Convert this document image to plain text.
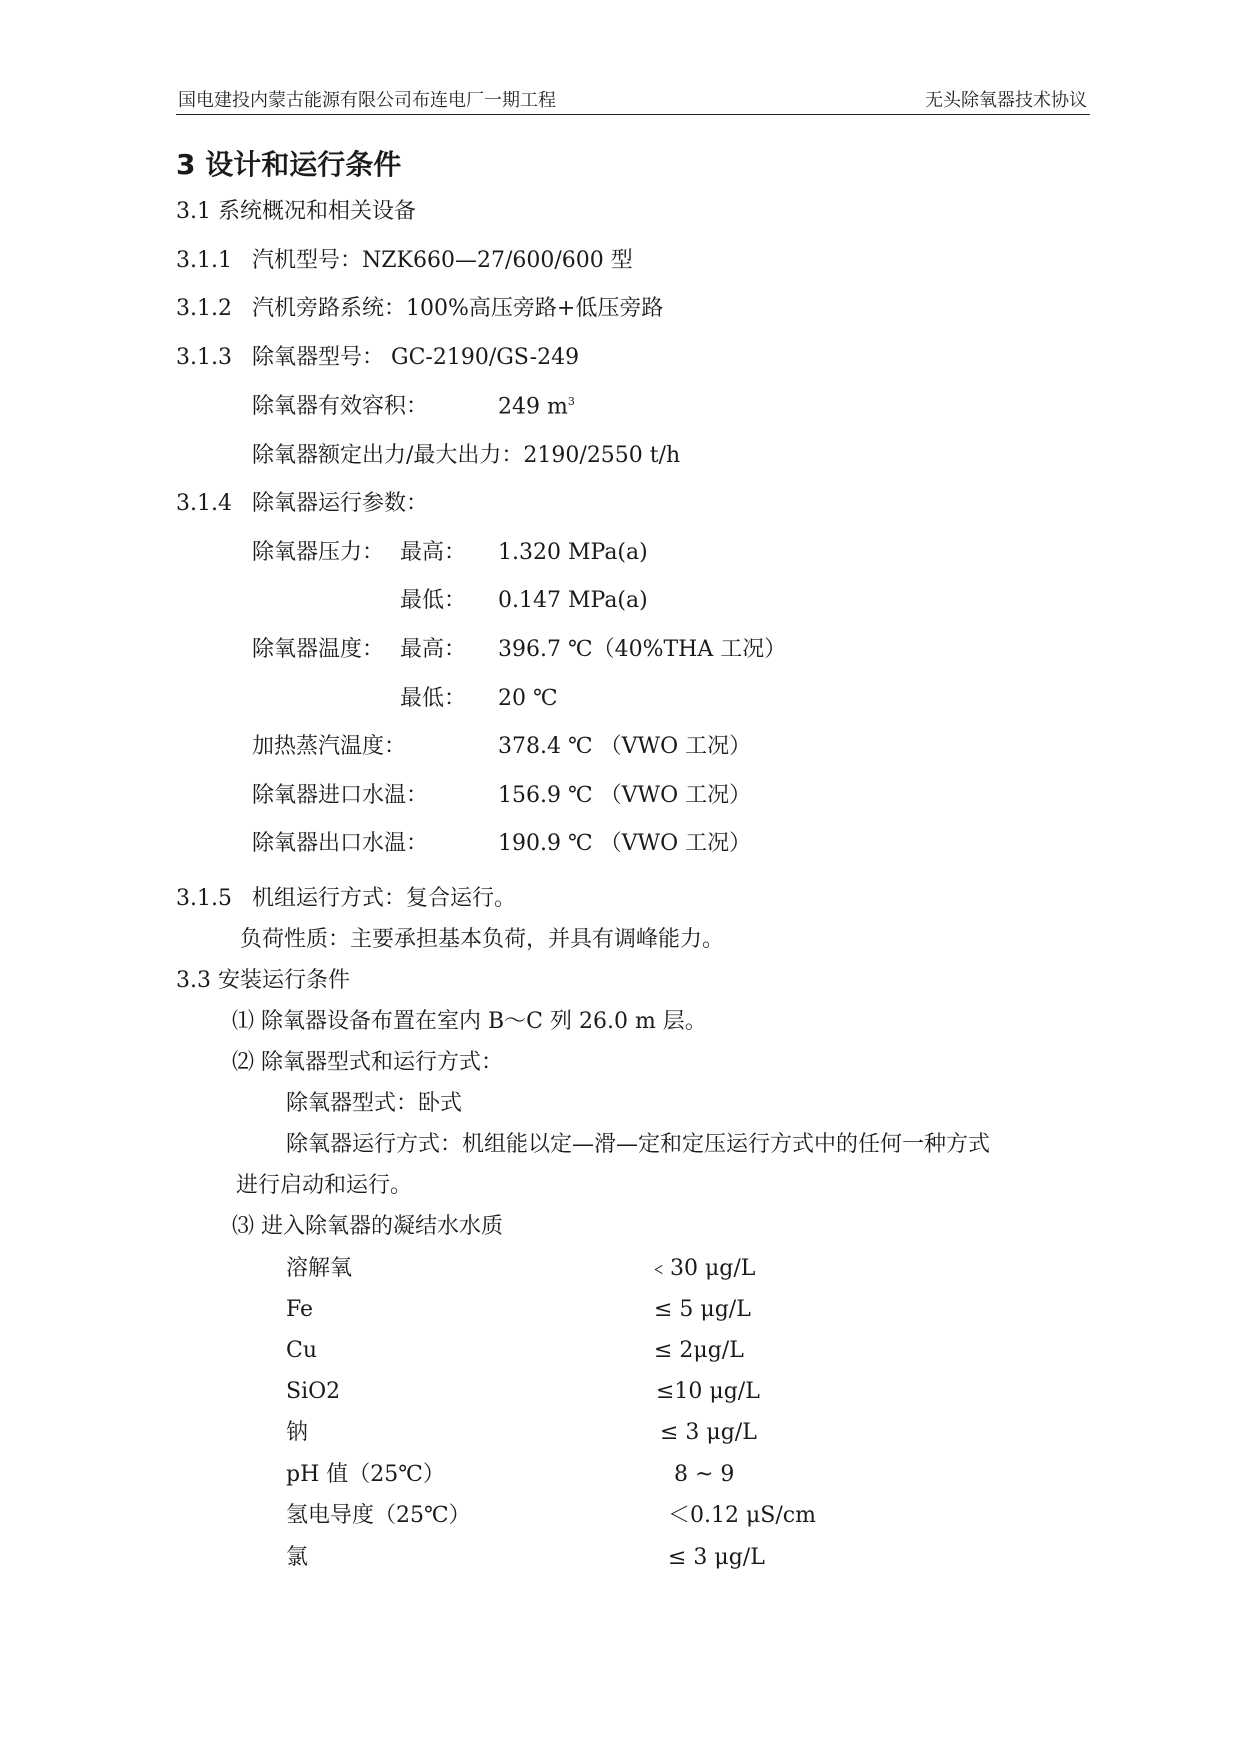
国电建投内蒙古能源有限公司布连电厂一期工程	无头除氧器技术协议
3 设计和运行条件
3.1 系统概况和相关设备
3.1.1 汽机型号：NZK660—27/600/600 型
3.1.2 汽机旁路系统：100%高压旁路+低压旁路
3.1.3 除氧器型号： GC-2190/GS-249
除氧器有效容积：	249 $m^3$
除氧器额定出力/最大出力：2190/2550 t/h
3.1.4 除氧器运行参数：
除氧器压力： 最高： 1.320 MPa(a)
最低： 0.147 MPa(a)
除氧器温度： 最高： 396.7 ℃（40%THA 工况）
最低： 20 ℃
加热蒸汽温度：	378.4 ℃ （VWO 工况）
除氧器进口水温：	156.9 ℃ （VWO 工况）
除氧器出口水温：	190.9 ℃ （VWO 工况）
3.1.5 机组运行方式：复合运行。
负荷性质：主要承担基本负荷，并具有调峰能力。
3.3 安装运行条件
⑴ 除氧器设备布置在室内 B～C 列 26.0 m 层。
⑵ 除氧器型式和运行方式：
除氧器型式：卧式
除氧器运行方式：机组能以定—滑—定和定压运行方式中的任何一种方式
进行启动和运行。
⑶ 进入除氧器的凝结水水质
溶解氧	﹤30 μg/L
Fe	≤ 5 μg/L
Cu	≤ 2μg/L
SiO2	≤10 μg/L
钠	≤ 3 μg/L
pH 值（25℃）	8 ~ 9
氢电导度（25℃）	＜0.12 μS/cm
氯	≤ 3 μg/L
